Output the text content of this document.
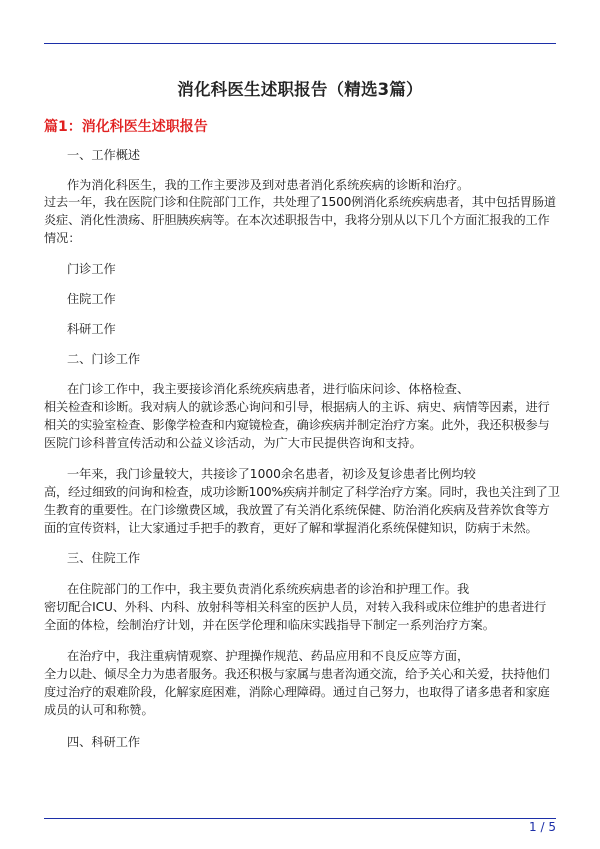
消化科医生述职报告（精选3篇）
篇1：消化科医生述职报告
一、工作概述
作为消化科医生，我的工作主要涉及到对患者消化系统疾病的诊断和治疗。
过去一年，我在医院门诊和住院部门工作，共处理了1500例消化系统疾病患者，其中包括胃肠道
炎症、消化性溃疡、肝胆胰疾病等。在本次述职报告中，我将分别从以下几个方面汇报我的工作
情况：
门诊工作
住院工作
科研工作
二、门诊工作
在门诊工作中，我主要接诊消化系统疾病患者，进行临床问诊、体格检查、
相关检查和诊断。我对病人的就诊悉心询问和引导，根据病人的主诉、病史、病情等因素，进行
相关的实验室检查、影像学检查和内窥镜检查，确诊疾病并制定治疗方案。此外，我还积极参与
医院门诊科普宣传活动和公益义诊活动，为广大市民提供咨询和支持。
一年来，我门诊量较大，共接诊了1000余名患者，初诊及复诊患者比例均较
高，经过细致的问询和检查，成功诊断100%疾病并制定了科学治疗方案。同时，我也关注到了卫
生教育的重要性。在门诊缴费区域，我放置了有关消化系统保健、防治消化疾病及营养饮食等方
面的宣传资料，让大家通过手把手的教育，更好了解和掌握消化系统保健知识，防病于未然。
三、住院工作
在住院部门的工作中，我主要负责消化系统疾病患者的诊治和护理工作。我
密切配合ICU、外科、内科、放射科等相关科室的医护人员，对转入我科或床位维护的患者进行
全面的体检，绘制治疗计划，并在医学伦理和临床实践指导下制定一系列治疗方案。
在治疗中，我注重病情观察、护理操作规范、药品应用和不良反应等方面，
全力以赴、倾尽全力为患者服务。我还积极与家属与患者沟通交流，给予关心和关爱，扶持他们
度过治疗的艰难阶段，化解家庭困难，消除心理障碍。通过自己努力，也取得了诸多患者和家庭
成员的认可和称赞。
四、科研工作
1 / 5
